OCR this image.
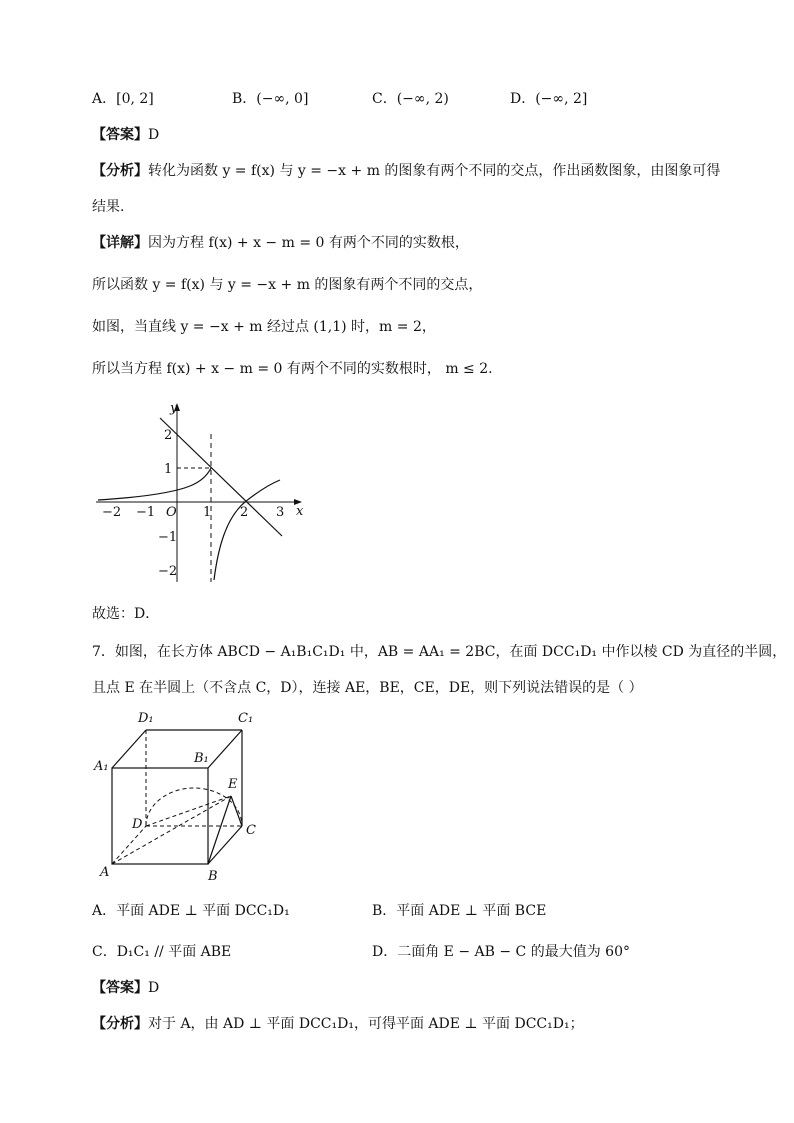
A．[0, 2]	B．(−∞, 0]	C．(−∞, 2)	D．(−∞, 2]
【答案】D
【分析】转化为函数 y = f(x) 与 y = −x + m 的图象有两个不同的交点，作出函数图象，由图象可得
结果.
【详解】因为方程 f(x) + x − m = 0 有两个不同的实数根，
所以函数 y = f(x) 与 y = −x + m 的图象有两个不同的交点，
如图，当直线 y = −x + m 经过点 (1,1) 时，m = 2，
所以当方程 f(x) + x − m = 0 有两个不同的实数根时， m ≤ 2.
y
x
O
−2 −1	1 2 3
2
1
−1
−2
故选：D．
7．如图，在长方体 ABCD − A₁B₁C₁D₁ 中，AB = AA₁ = 2BC，在面 DCC₁D₁ 中作以棱 CD 为直径的半圆，
且点 E 在半圆上（不含点 C，D），连接 AE，BE，CE，DE，则下列说法错误的是（ ）
D₁	C₁
A₁
B₁
E
D	C
A	B
A．平面 ADE ⊥ 平面 DCC₁D₁	B．平面 ADE ⊥ 平面 BCE
C．D₁C₁ // 平面 ABE	D．二面角 E − AB − C 的最大值为 60°
【答案】D
【分析】对于 A，由 AD ⊥ 平面 DCC₁D₁，可得平面 ADE ⊥ 平面 DCC₁D₁；
